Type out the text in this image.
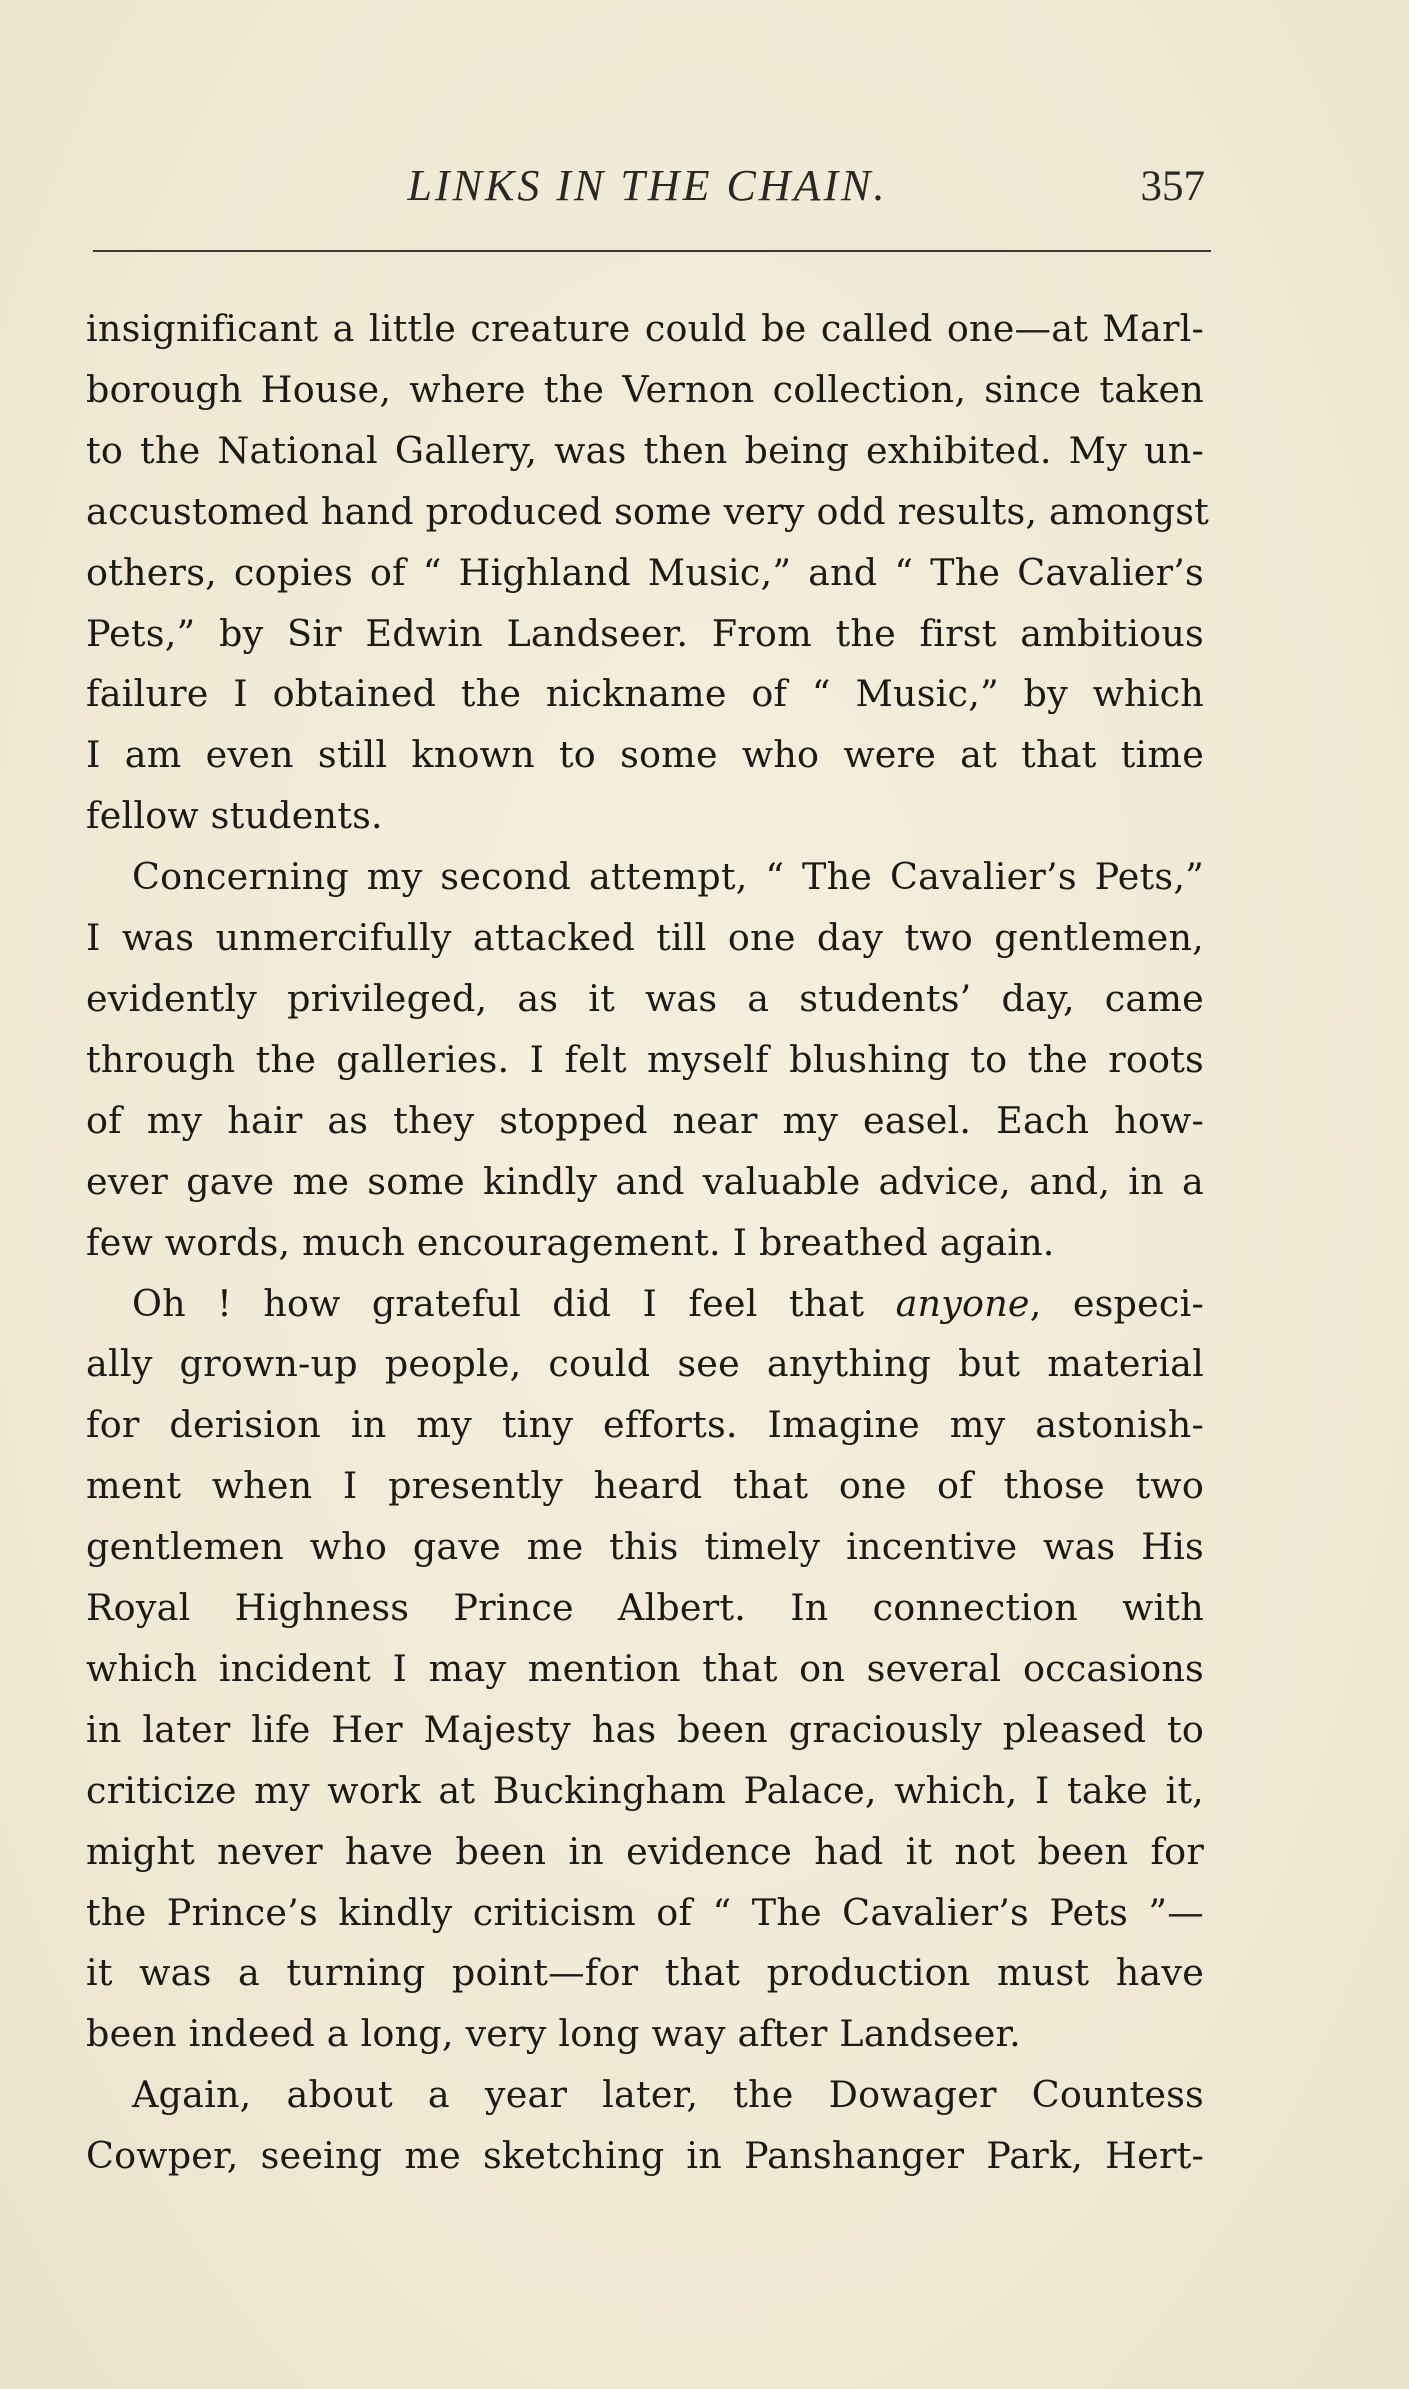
LINKS IN THE CHAIN.	357

insignificant a little creature could be called one—at Marl-
borough House, where the Vernon collection, since taken
to the National Gallery, was then being exhibited. My un-
accustomed hand produced some very odd results, amongst
others, copies of “ Highland Music,” and “ The Cavalier’s
Pets,” by Sir Edwin Landseer. From the first ambitious
failure I obtained the nickname of “ Music,” by which
I am even still known to some who were at that time
fellow students.

Concerning my second attempt, “ The Cavalier’s Pets,”
I was unmercifully attacked till one day two gentlemen,
evidently privileged, as it was a students’ day, came
through the galleries. I felt myself blushing to the roots
of my hair as they stopped near my easel. Each how-
ever gave me some kindly and valuable advice, and, in a
few words, much encouragement. I breathed again.

Oh ! how grateful did I feel that anyone, especi-
ally grown-up people, could see anything but material
for derision in my tiny efforts. Imagine my astonish-
ment when I presently heard that one of those two
gentlemen who gave me this timely incentive was His
Royal Highness Prince Albert. In connection with
which incident I may mention that on several occasions
in later life Her Majesty has been graciously pleased to
criticize my work at Buckingham Palace, which, I take it,
might never have been in evidence had it not been for
the Prince’s kindly criticism of “ The Cavalier’s Pets ”—
it was a turning point—for that production must have
been indeed a long, very long way after Landseer.

Again, about a year later, the Dowager Countess
Cowper, seeing me sketching in Panshanger Park, Hert-
